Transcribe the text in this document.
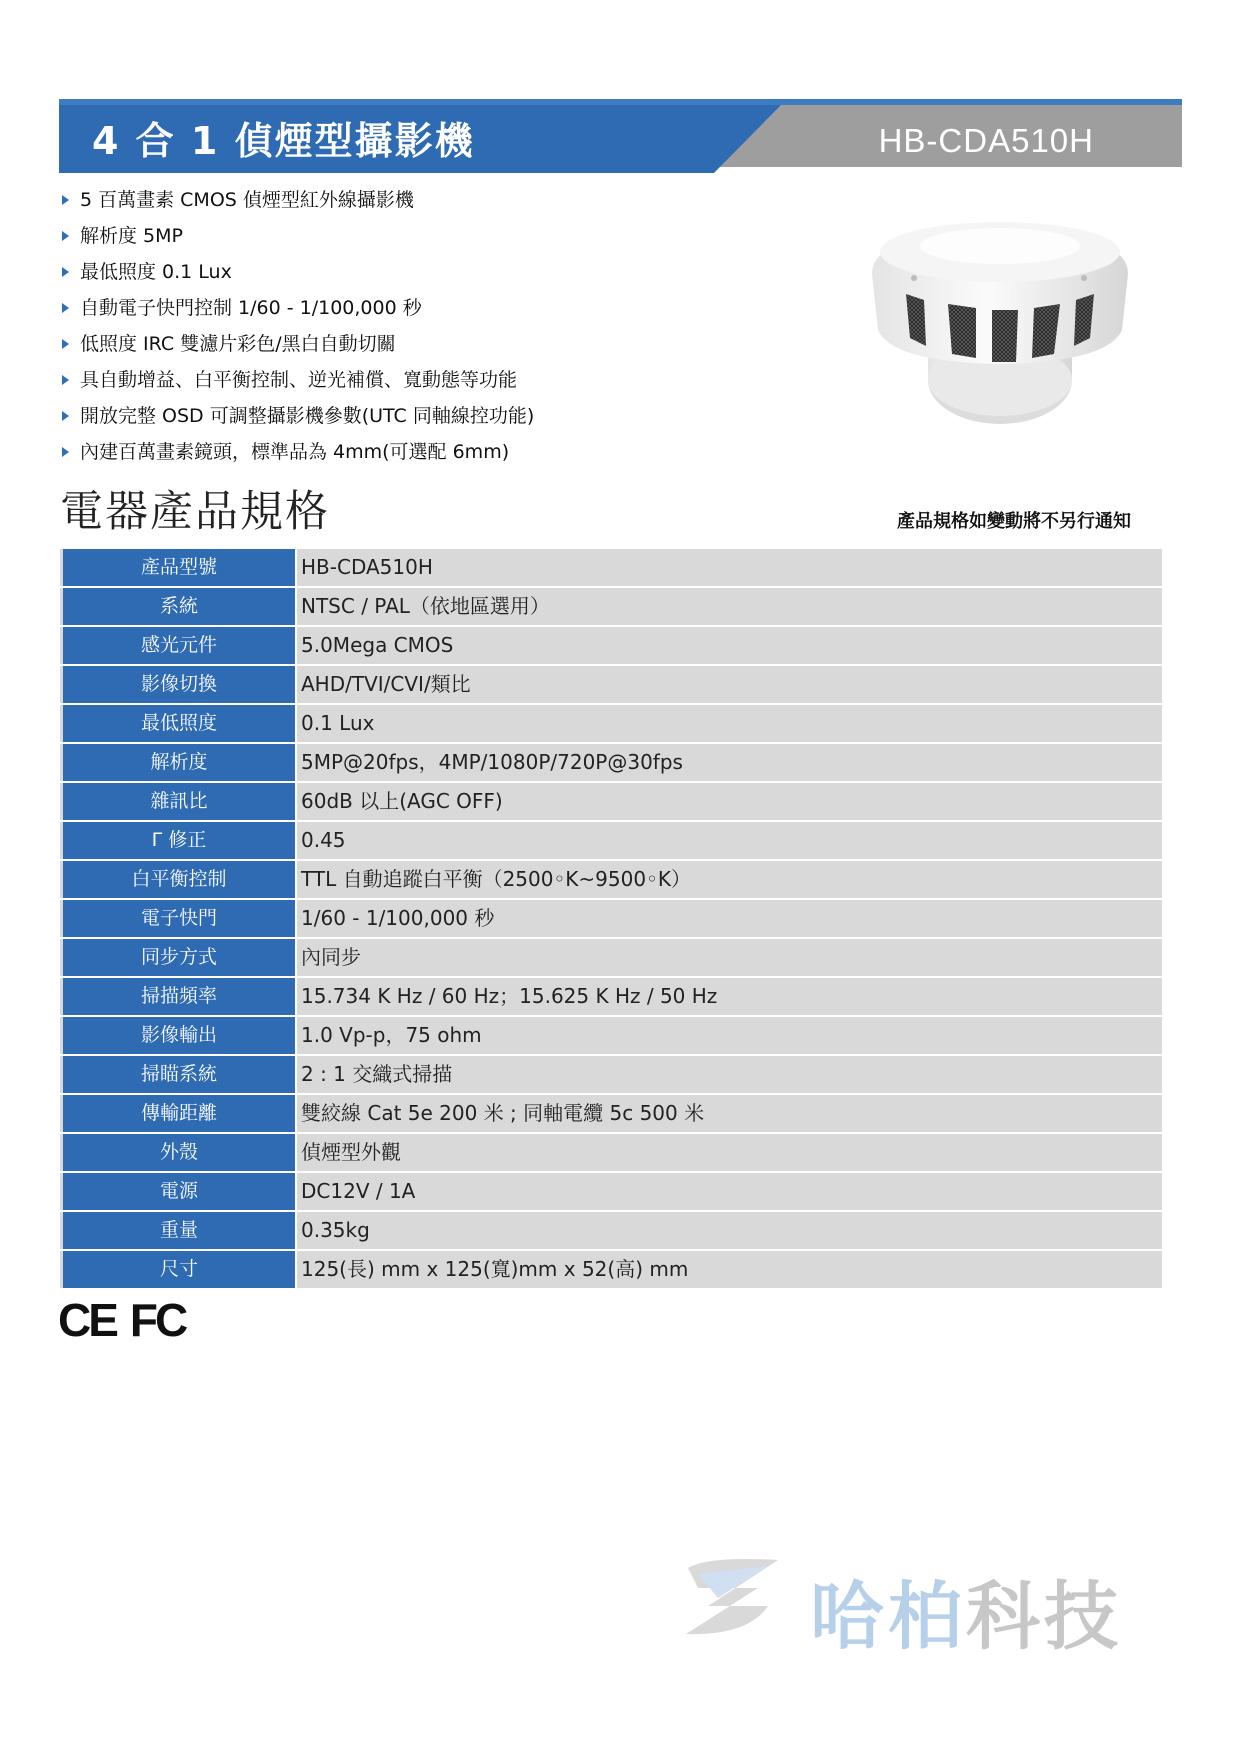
4 合 1 偵煙型攝影機	HB-CDA510H
5 百萬畫素 CMOS 偵煙型紅外線攝影機
解析度 5MP
最低照度 0.1 Lux
自動電子快門控制 1/60 - 1/100,000 秒
低照度 IRC 雙濾片彩色/黑白自動切關
具自動增益、白平衡控制、逆光補償、寬動態等功能
開放完整 OSD 可調整攝影機參數(UTC 同軸線控功能)
內建百萬畫素鏡頭，標準品為 4mm(可選配 6mm)
電器產品規格	產品規格如變動將不另行通知
產品型號	HB-CDA510H
系統	NTSC / PAL（依地區選用）
感光元件	5.0Mega CMOS
影像切換	AHD/TVI/CVI/類比
最低照度	0.1 Lux
解析度	5MP@20fps，4MP/1080P/720P@30fps
雜訊比	60dB 以上(AGC OFF)
Γ 修正	0.45
白平衡控制	TTL 自動追蹤白平衡（2500◦K~9500◦K）
電子快門	1/60 - 1/100,000 秒
同步方式	內同步
掃描頻率	15.734 K Hz / 60 Hz；15.625 K Hz / 50 Hz
影像輸出	1.0 Vp-p，75 ohm
掃瞄系統	2 : 1 交織式掃描
傳輸距離	雙絞線 Cat 5e 200 米 ; 同軸電纜 5c 500 米
外殼	偵煙型外觀
電源	DC12V / 1A
重量	0.35kg
尺寸	125(長) mm x 125(寬)mm x 52(高) mm
CE FC
哈柏科技
